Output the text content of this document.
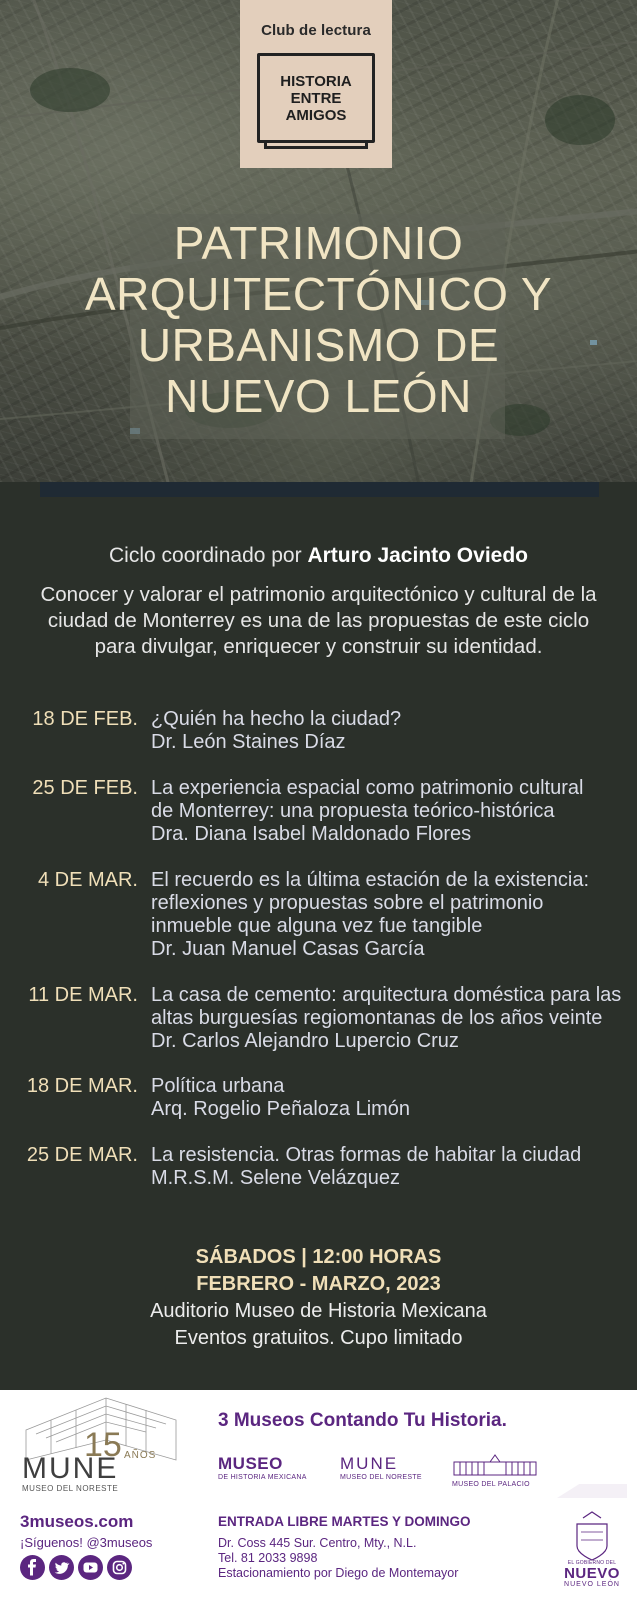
Club de lectura
HISTORIA
ENTRE
AMIGOS
PATRIMONIO
ARQUITECTÓNICO Y
URBANISMO DE
NUEVO LEÓN
Ciclo coordinado por Arturo Jacinto Oviedo

Conocer y valorar el patrimonio arquitectónico y cultural de la ciudad de Monterrey es una de las propuestas de este ciclo para divulgar, enriquecer y construir su identidad.

18 DE FEB. ¿Quién ha hecho la ciudad?
Dr. León Staines Díaz
25 DE FEB. La experiencia espacial como patrimonio cultural
de Monterrey: una propuesta teórico-histórica
Dra. Diana Isabel Maldonado Flores
4 DE MAR. El recuerdo es la última estación de la existencia:
reflexiones y propuestas sobre el patrimonio
inmueble que alguna vez fue tangible
Dr. Juan Manuel Casas García
11 DE MAR. La casa de cemento: arquitectura doméstica para las
altas burguesías regiomontanas de los años veinte
Dr. Carlos Alejandro Lupercio Cruz
18 DE MAR. Política urbana
Arq. Rogelio Peñaloza Limón
25 DE MAR. La resistencia. Otras formas de habitar la ciudad
M.R.S.M. Selene Velázquez
SÁBADOS | 12:00 HORAS
FEBRERO - MARZO, 2023
Auditorio Museo de Historia Mexicana
Eventos gratuitos. Cupo limitado
15 AÑOS
MUNE
MUSEO DEL NORESTE
3 Museos Contando Tu Historia.
MUSEO
DE HISTORIA MEXICANA
MUNE
MUSEO DEL NORESTE
MUSEO DEL PALACIO
3museos.com
¡Síguenos! @3museos
ENTRADA LIBRE MARTES Y DOMINGO
Dr. Coss 445 Sur. Centro, Mty., N.L.
Tel. 81 2033 9898
Estacionamiento por Diego de Montemayor
EL GOBIERNO DEL
NUEVO
NUEVO LEÓN
